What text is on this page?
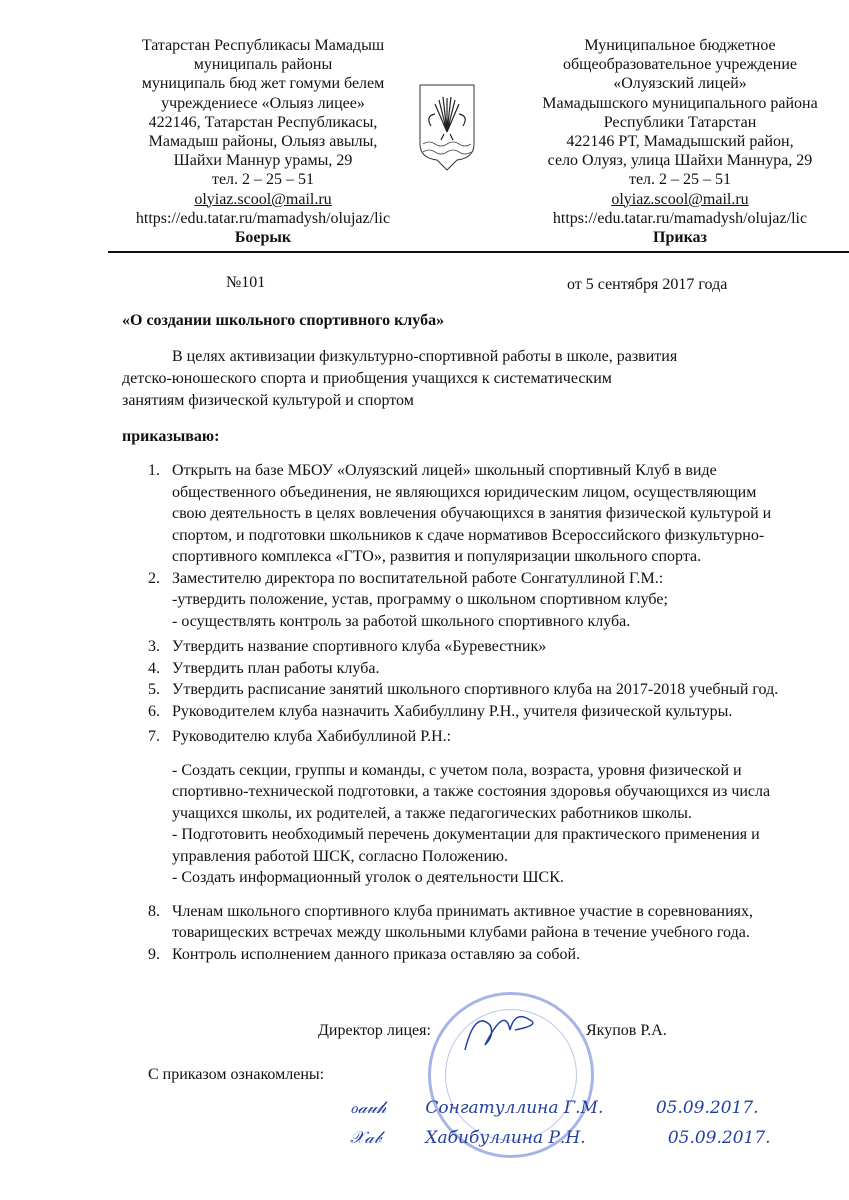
Татарстан Республикасы Мамадыш
муниципаль районы
муниципаль бюд жет гомуми белем
учреждениесе «Олыяз лицее»
422146, Татарстан Республикасы,
Мамадыш районы, Олыяз авылы,
Шайхи Маннур урамы, 29
тел. 2 – 25 – 51
olyiaz.scool@mail.ru
https://edu.tatar.ru/mamadysh/olujaz/lic
Боерык
Муниципальное бюджетное
общеобразовательное учреждение
«Олуязский лицей»
Мамадышского муниципального района
Республики Татарстан
422146 РТ, Мамадышский район,
село Олуяз, улица Шайхи Маннура, 29
тел. 2 – 25 – 51
olyiaz.scool@mail.ru
https://edu.tatar.ru/mamadysh/olujaz/lic
Приказ
№101	от 5 сентября 2017 года
«О создании школьного спортивного клуба»
В целях активизации физкультурно-спортивной работы в школе, развития
детско-юношеского спорта и приобщения учащихся к систематическим
занятиям физической культурой и спортом
приказываю:
1. Открыть на базе МБОУ «Олуязский лицей» школьный спортивный Клуб в виде
общественного объединения, не являющихся юридическим лицом, осуществляющим
свою деятельность в целях вовлечения обучающихся в занятия физической культурой и
спортом, и подготовки школьников к сдаче нормативов Всероссийского физкультурно-
спортивного комплекса «ГТО», развития и популяризации школьного спорта.
2. Заместителю директора по воспитательной работе Сонгатуллиной Г.М.:
-утвердить положение, устав, программу о школьном спортивном клубе;
- осуществлять контроль за работой школьного спортивного клуба.
3. Утвердить название спортивного клуба «Буревестник»
4. Утвердить план работы клуба.
5. Утвердить расписание занятий школьного спортивного клуба на 2017-2018 учебный год.
6. Руководителем клуба назначить Хабибуллину Р.Н., учителя физической культуры.
7. Руководителю клуба Хабибуллиной Р.Н.:
- Создать секции, группы и команды, с учетом пола, возраста, уровня физической и
спортивно-технической подготовки, а также состояния здоровья обучающихся из числа
учащихся школы, их родителей, а также педагогических работников школы.
- Подготовить необходимый перечень документации для практического применения и
управления работой ШСК, согласно Положению.
- Создать информационный уголок о деятельности ШСК.
8. Членам школьного спортивного клуба принимать активное участие в соревнованиях,
товарищеских встречах между школьными клубами района в течение учебного года.
9. Контроль исполнением данного приказа оставляю за собой.
Директор лицея:	Якупов Р.А.
С приказом ознакомлены:
ℴ𝒶𝓊𝒽 Сонгатуллина Г.М.	05.09.2017.
𝒳𝒶𝒷	Хабибуллина Р.Н.	05.09.2017.
